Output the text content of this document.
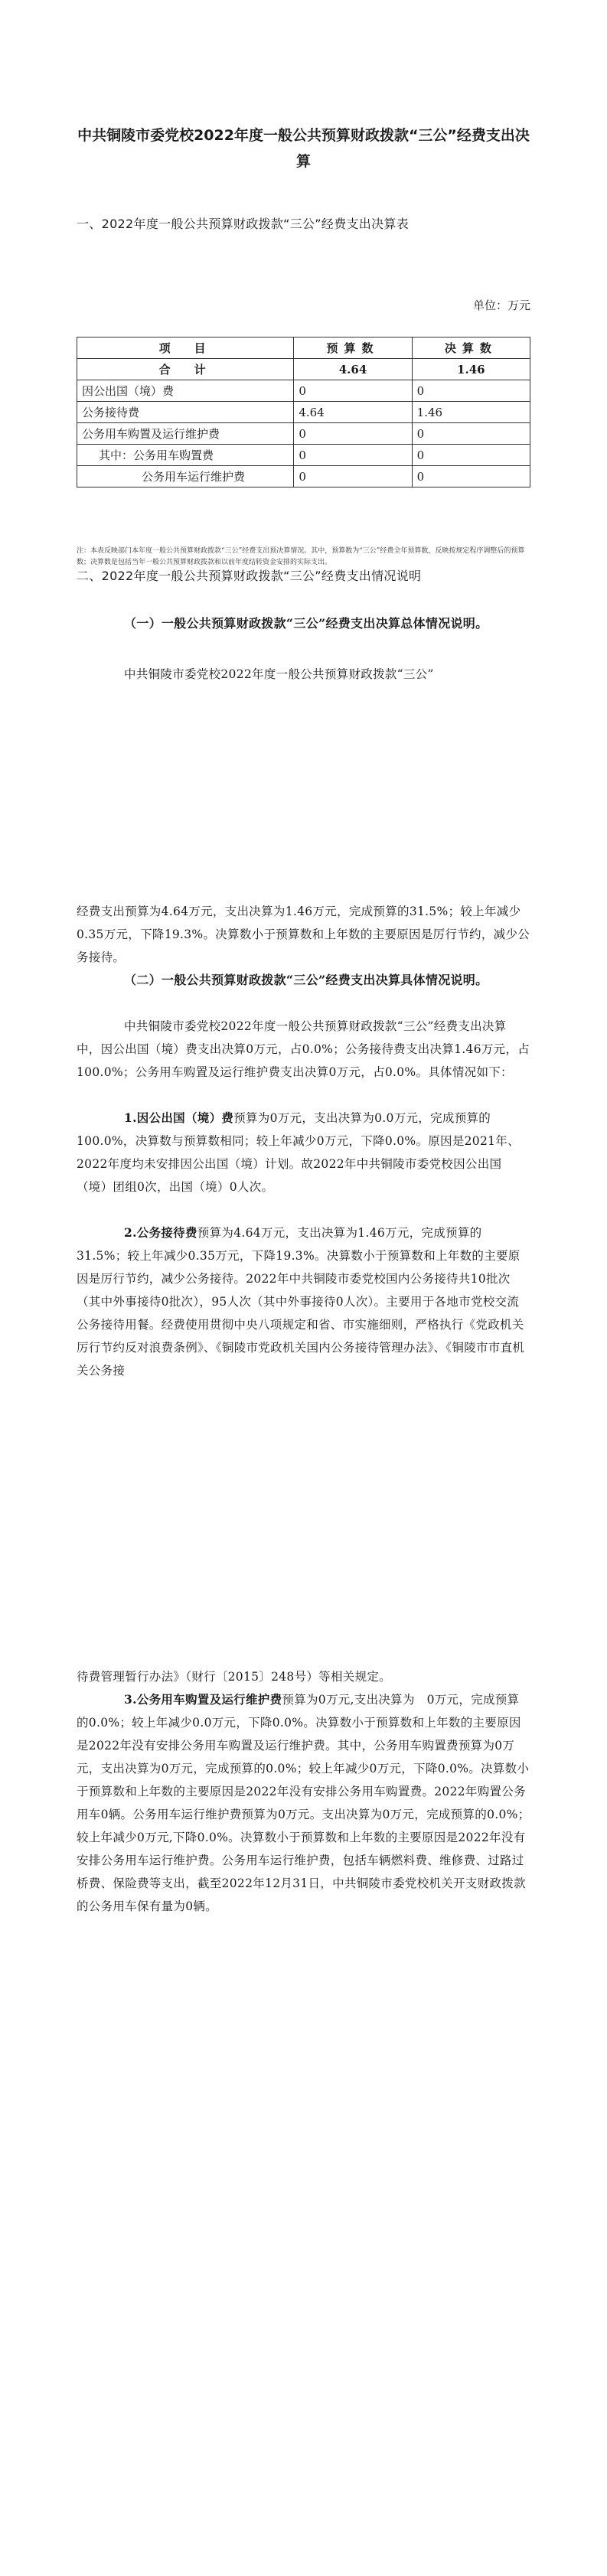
中共铜陵市委党校2022年度一般公共预算财政拨款“三公”经费支出决算

一、2022年度一般公共预算财政拨款“三公”经费支出决算表

单位：万元
项　目	预算数	决算数
合　计	4.64	1.46
因公出国（境）费	0	0
公务接待费	4.64	1.46
公务用车购置及运行维护费	0	0
其中：公务用车购置费	0	0
公务用车运行维护费	0	0

注：本表反映部门本年度一般公共预算财政拨款“三公”经费支出预决算情况。其中，预算数为“三公”经费全年预算数，反映按规定程序调整后的预算数；决算数是包括当年一般公共预算财政拨款和以前年度结转资金安排的实际支出。

二、2022年度一般公共预算财政拨款“三公”经费支出情况说明

（一）一般公共预算财政拨款“三公”经费支出决算总体情况说明。

中共铜陵市委党校2022年度一般公共预算财政拨款“三公”

经费支出预算为4.64万元，支出决算为1.46万元，完成预算的31.5%；较上年减少0.35万元，下降19.3%。决算数小于预算数和上年数的主要原因是厉行节约，减少公务接待。

（二）一般公共预算财政拨款“三公”经费支出决算具体情况说明。

中共铜陵市委党校2022年度一般公共预算财政拨款“三公”经费支出决算中，因公出国（境）费支出决算0万元，占0.0%；公务接待费支出决算1.46万元，占100.0%；公务用车购置及运行维护费支出决算0万元，占0.0%。具体情况如下：

1.因公出国（境）费预算为0万元，支出决算为0.0万元，完成预算的100.0%，决算数与预算数相同；较上年减少0万元，下降0.0%。原因是2021年、2022年度均未安排因公出国（境）计划。故2022年中共铜陵市委党校因公出国（境）团组0次，出国（境）0人次。

2.公务接待费预算为4.64万元，支出决算为1.46万元，完成预算的31.5%；较上年减少0.35万元，下降19.3%。决算数小于预算数和上年数的主要原因是厉行节约，减少公务接待。2022年中共铜陵市委党校国内公务接待共10批次（其中外事接待0批次），95人次（其中外事接待0人次）。主要用于各地市党校交流公务接待用餐。经费使用贯彻中央八项规定和省、市实施细则，严格执行《党政机关厉行节约反对浪费条例》、《铜陵市党政机关国内公务接待管理办法》、《铜陵市市直机关公务接

待费管理暂行办法》（财行〔2015〕248号）等相关规定。

3.公务用车购置及运行维护费预算为0万元,支出决算为　0万元，完成预算的0.0%；较上年减少0.0万元，下降0.0%。决算数小于预算数和上年数的主要原因是2022年没有安排公务用车购置及运行维护费。其中，公务用车购置费预算为0万元，支出决算为0万元，完成预算的0.0%；较上年减少0万元，下降0.0%。决算数小于预算数和上年数的主要原因是2022年没有安排公务用车购置费。2022年购置公务用车0辆。公务用车运行维护费预算为0万元。支出决算为0万元，完成预算的0.0%；较上年减少0万元,下降0.0%。决算数小于预算数和上年数的主要原因是2022年没有安排公务用车运行维护费。公务用车运行维护费，包括车辆燃料费、维修费、过路过桥费、保险费等支出，截至2022年12月31日，中共铜陵市委党校机关开支财政拨款的公务用车保有量为0辆。
